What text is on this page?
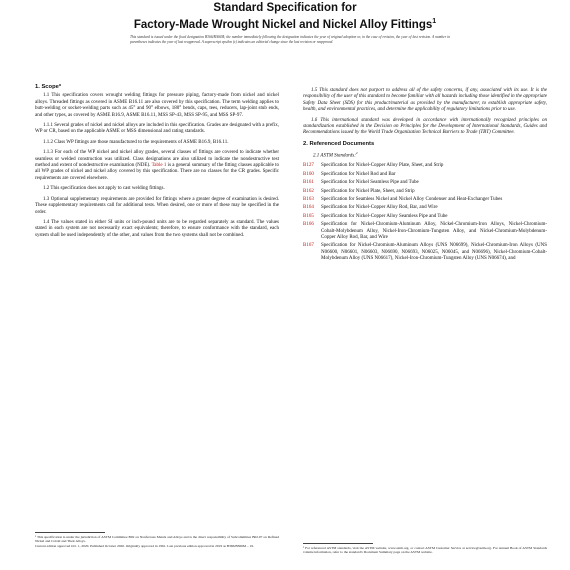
Standard Specification for
Factory-Made Wrought Nickel and Nickel Alloy Fittings$^1$
This standard is issued under the fixed designation B366/B366M; the number immediately following the designation indicates the year of original adoption or, in the case of revision, the year of last revision. A number in parentheses indicates the year of last reapproval. A superscript epsilon (ε) indicates an editorial change since the last revision or reapproval.
1. Scope*

1.1 This specification covers wrought welding fittings for pressure piping, factory-made from nickel and nickel alloys. Threaded fittings as covered in ASME B16.11 are also covered by this specification. The term welding applies to butt-welding or socket-welding parts such as 45° and 90° elbows, 180° bends, caps, tees, reducers, lap-joint stub ends, and other types, as covered by ASME B16.9, ASME B16.11, MSS SP-43, MSS SP-95, and MSS SP-97.

1.1.1 Several grades of nickel and nickel alloys are included in this specification. Grades are designated with a prefix, WP or CR, based on the applicable ASME or MSS dimensional and rating standards.

1.1.2 Class WP fittings are those manufactured to the requirements of ASME B16.9, B16.11.

1.1.3 For each of the WP nickel and nickel alloy grades, several classes of fittings are covered to indicate whether seamless or welded construction was utilized. Class designations are also utilized to indicate the nondestructive test method and extent of nondestructive examination (NDE). Table 1 is a general summary of the fitting classes applicable to all WP grades of nickel and nickel alloy covered by this specification. There are no classes for the CR grades. Specific requirements are covered elsewhere.

1.2 This specification does not apply to cast welding fittings.

1.3 Optional supplementary requirements are provided for fittings where a greater degree of examination is desired. These supplementary requirements call for additional tests. When desired, one or more of these may be specified in the order.

1.4 The values stated in either SI units or inch-pound units are to be regarded separately as standard. The values stated in each system are not necessarily exact equivalents; therefore, to ensure conformance with the standard, each system shall be used independently of the other, and values from the two systems shall not be combined.

¹ This specification is under the jurisdiction of ASTM Committee B02 on Nonferrous Metals and Alloys and is the direct responsibility of Subcommittee B02.07 on Refined Nickel and Cobalt and Their Alloys.
Current edition approved Oct. 1, 2020. Published October 2020. Originally approved in 1961. Last previous edition approved in 2019 as B366/B366M – 19.

1.5 This standard does not purport to address all of the safety concerns, if any, associated with its use. It is the responsibility of the user of this standard to become familiar with all hazards including those identified in the appropriate Safety Data Sheet (SDS) for this product/material as provided by the manufacturer, to establish appropriate safety, health, and environmental practices, and determine the applicability of regulatory limitations prior to use.

1.6 This international standard was developed in accordance with internationally recognized principles on standardization established in the Decision on Principles for the Development of International Standards, Guides and Recommendations issued by the World Trade Organization Technical Barriers to Trade (TBT) Committee.

2. Referenced Documents
2.1 ASTM Standards:$^2$
B127	Specification for Nickel-Copper Alloy Plate, Sheet, and Strip
B160	Specification for Nickel Rod and Bar
B161	Specification for Nickel Seamless Pipe and Tube
B162	Specification for Nickel Plate, Sheet, and Strip
B163	Specification for Seamless Nickel and Nickel Alloy Condenser and Heat-Exchanger Tubes
B164	Specification for Nickel-Copper Alloy Rod, Bar, and Wire
B165	Specification for Nickel-Copper Alloy Seamless Pipe and Tube
B166	Specification for Nickel-Chromium-Aluminum Alloy, Nickel-Chromium-Iron Alloys, Nickel-Chromium-Cobalt-Molybdenum Alloy, Nickel-Iron-Chromium-Tungsten Alloy, and Nickel-Chromium-Molybdenum-Copper Alloy Rod, Bar, and Wire
B167	Specification for Nickel-Chromium-Aluminum Alloys (UNS N06699), Nickel-Chromium-Iron Alloys (UNS N06600, N06601, N06603, N06690, N06693, N06025, N06045, and N06696), Nickel-Chromium-Cobalt-Molybdenum Alloy (UNS N06617), Nickel-Iron-Chromium-Tungsten Alloy (UNS N06674), and
² For referenced ASTM standards, visit the ASTM website, www.astm.org, or contact ASTM Customer Service at service@astm.org. For Annual Book of ASTM Standards volume information, refer to the standard's Document Summary page on the ASTM website.
